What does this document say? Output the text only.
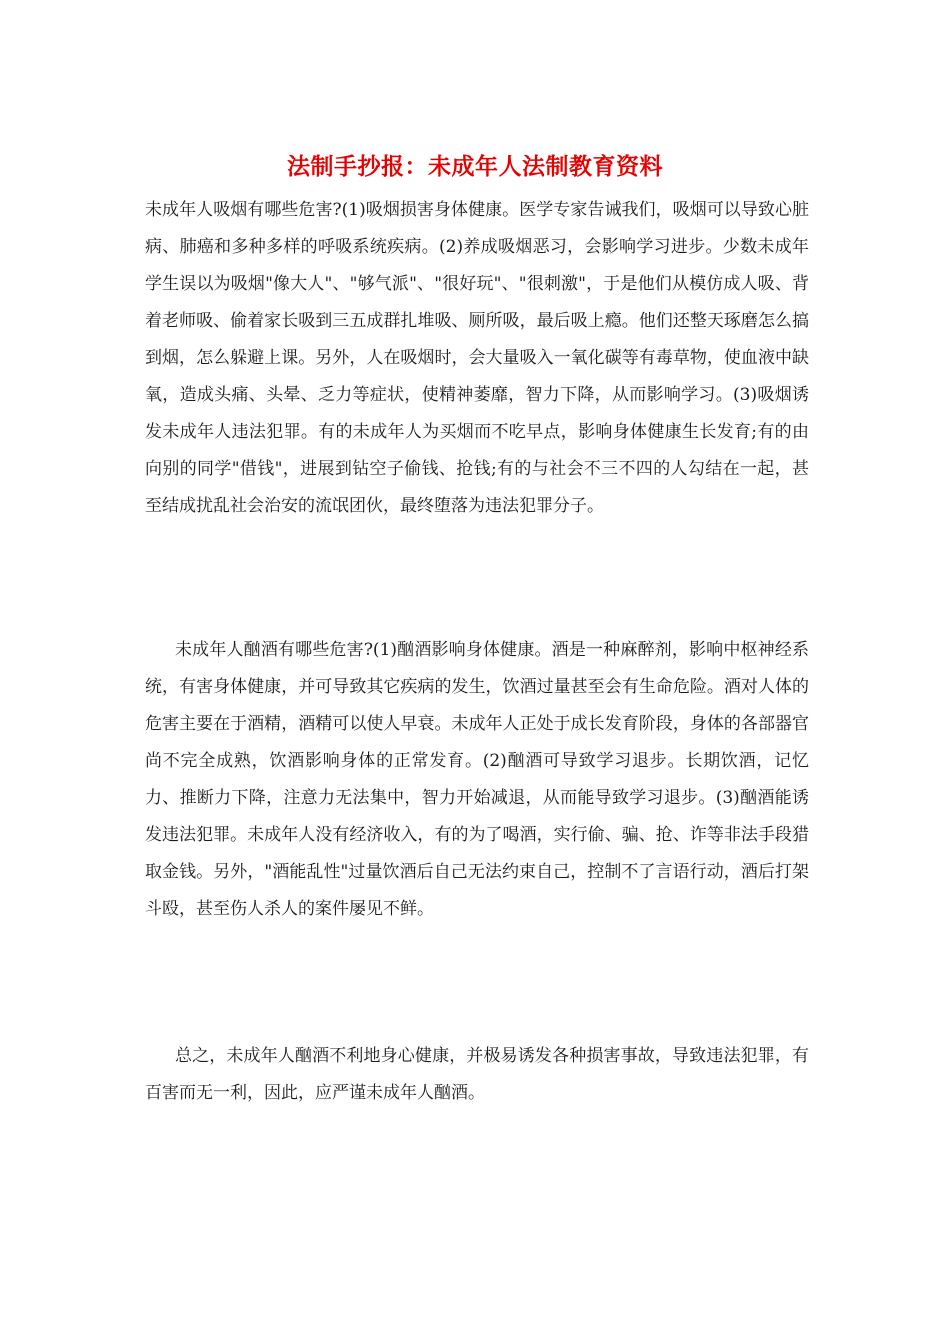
法制手抄报：未成年人法制教育资料

未成年人吸烟有哪些危害?(1)吸烟损害身体健康。医学专家告诫我们，吸烟可以导致心脏病、肺癌和多种多样的呼吸系统疾病。(2)养成吸烟恶习，会影响学习进步。少数未成年学生误以为吸烟"像大人"、"够气派"、"很好玩"、"很刺激"，于是他们从模仿成人吸、背着老师吸、偷着家长吸到三五成群扎堆吸、厕所吸，最后吸上瘾。他们还整天琢磨怎么搞到烟，怎么躲避上课。另外，人在吸烟时，会大量吸入一氧化碳等有毒草物，使血液中缺氧，造成头痛、头晕、乏力等症状，使精神萎靡，智力下降，从而影响学习。(3)吸烟诱发未成年人违法犯罪。有的未成年人为买烟而不吃早点，影响身体健康生长发育;有的由向别的同学"借钱"，进展到钻空子偷钱、抢钱;有的与社会不三不四的人勾结在一起，甚至结成扰乱社会治安的流氓团伙，最终堕落为违法犯罪分子。

未成年人酗酒有哪些危害?(1)酗酒影响身体健康。酒是一种麻醉剂，影响中枢神经系统，有害身体健康，并可导致其它疾病的发生，饮酒过量甚至会有生命危险。酒对人体的危害主要在于酒精，酒精可以使人早衰。未成年人正处于成长发育阶段，身体的各部器官尚不完全成熟，饮酒影响身体的正常发育。(2)酗酒可导致学习退步。长期饮酒，记忆力、推断力下降，注意力无法集中，智力开始减退，从而能导致学习退步。(3)酗酒能诱发违法犯罪。未成年人没有经济收入，有的为了喝酒，实行偷、骗、抢、诈等非法手段猎取金钱。另外，"酒能乱性"过量饮酒后自己无法约束自己，控制不了言语行动，酒后打架斗殴，甚至伤人杀人的案件屡见不鲜。

总之，未成年人酗酒不利地身心健康，并极易诱发各种损害事故，导致违法犯罪，有百害而无一利，因此，应严谨未成年人酗酒。
